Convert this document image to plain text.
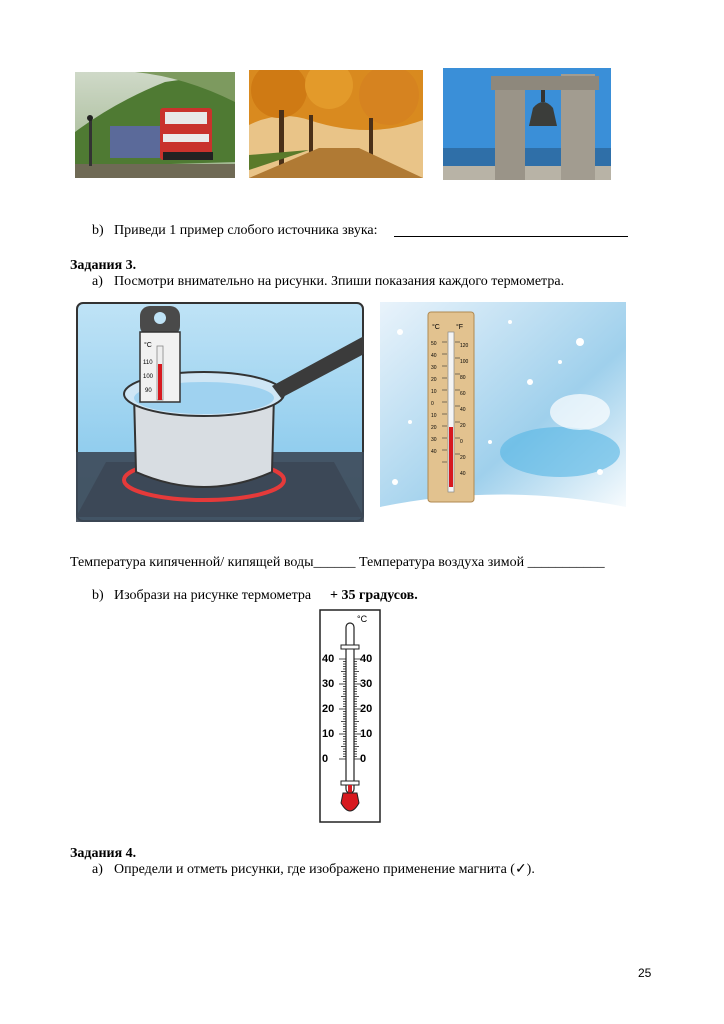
b) Приведи 1 пример слобого источника звука:
Задания 3.
a) Посмотри внимательно на рисунки. Зпиши показания каждого термометра.
°C
110
100
90
°C °F
50
40
30
20
10
0
10
20
30
40
120
100
80
60
40
20
0
20
40
Температура кипяченной/ кипящей воды______ Температура воздуха зимой ___________
b) Изобрази на рисунке термометра + 35 градусов.
°C
40
30
20
10
0
40
30
20
10
0
Задания 4.
a) Определи и отметь рисунки, где изображено применение магнита (✓).
25
